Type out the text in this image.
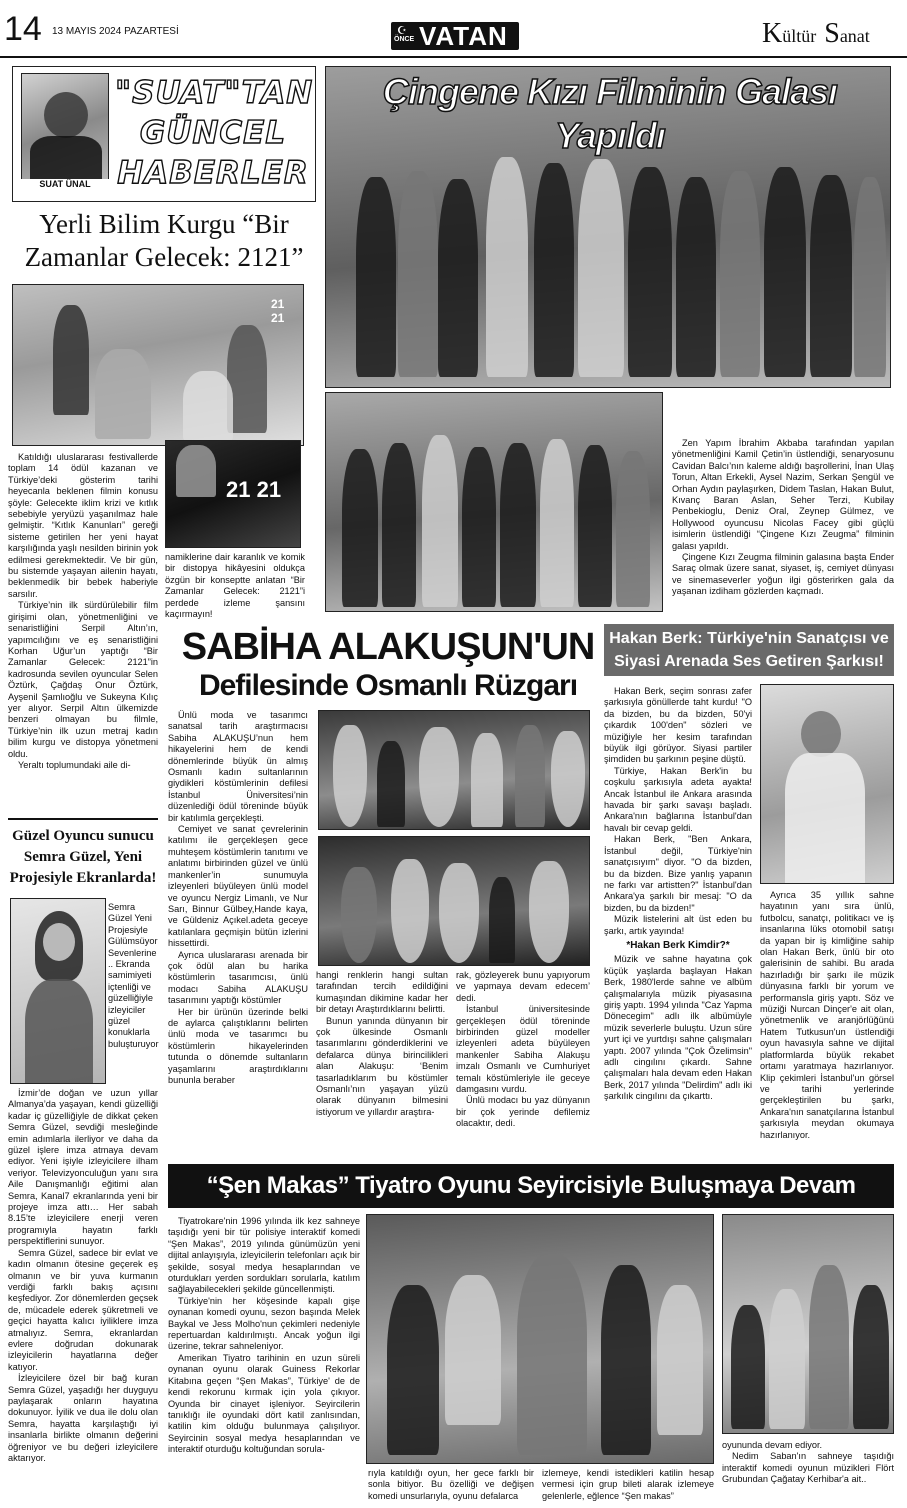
14 13 MAYIS 2024 PAZARTESİ
ÖNCE
☪ VATAN	Kültür Sanat
SUAT ÜNAL
"SUAT"TAN
GÜNCEL
HABERLER
Yerli Bilim Kurgu “Bir Zamanlar Gelecek: 2121”
21
21
21 21

Katıldığı uluslararası festivallerde toplam 14 ödül kazanan ve Türkiye’deki gösterim tarihi heyecanla beklenen filmin konusu şöyle: Gelecekte iklim krizi ve kıtlık sebebiyle yeryüzü yaşanılmaz hale gelmiştir. “Kıtlık Kanunları” gereği sisteme getirilen her yeni hayat karşılığında yaşlı nesilden birinin yok edilmesi gerekmektedir. Ve bir gün, bu sistemde yaşayan ailenin hayatı, beklenmedik bir bebek haberiyle sarsılır.

Türkiye’nin ilk sürdürülebilir film girişimi olan, yönetmenliğini ve senaristliğini Serpil Altın’ın, yapımcılığını ve eş senaristliğini Korhan Uğur’un yaptığı “Bir Zamanlar Gelecek: 2121”in kadrosunda sevilen oyuncular Selen Öztürk, Çağdaş Onur Öztürk, Ayşenil Şamlıoğlu ve Sukeyna Kılıç yer alıyor. Serpil Altın ülkemizde benzeri olmayan bu filmle, Türkiye’nin ilk uzun metraj kadın bilim kurgu ve distopya yönetmeni oldu.

Yeraltı toplumundaki aile di-

namiklerine dair karanlık ve komik bir distopya hikâyesini oldukça özgün bir konseptte anlatan “Bir Zamanlar Gelecek: 2121”i perdede izleme şansını kaçırmayın!

Çingene Kızı Filminin Galası Yapıldı

Zen Yapım İbrahim Akbaba tarafından yapılan yönetmenliğini Kamil Çetin’in üstlendiği, senaryosunu Cavidan Balcı’nın kaleme aldığı başrollerini, İnan Ulaş Torun, Altan Erkekli, Aysel Nazim, Serkan Şengül ve Orhan Aydın paylaşırken, Didem Taslan, Hakan Bulut, Kıvanç Baran Aslan, Seher Terzi, Kubilay Penbekioglu, Deniz Oral, Zeynep Gülmez, ve Hollywood oyuncusu Nicolas Facey gibi güçlü isimlerin üstlendiği “Çingene Kızı Zeugma” filminin galası yapıldı.

Çingene Kızı Zeugma filminin galasına başta Ender Saraç olmak üzere sanat, siyaset, iş, cemiyet dünyası ve sinemaseverler yoğun ilgi gösterirken gala da yaşanan izdiham gözlerden kaçmadı.

Güzel Oyuncu sunucu Semra Güzel, Yeni Projesiyle Ekranlarda!
Semra Güzel Yeni Projesiyle Gülümsüyor Sevenlerine .. Ekranda samimiyeti içtenliği ve güzelliğiyle izleyiciler güzel konuklarla buluşturuyor

İzmir’de doğan ve uzun yıllar Almanya’da yaşayan, kendi güzelliği kadar iç güzelliğiyle de dikkat çeken Semra Güzel, sevdiği mesleğinde emin adımlarla ilerliyor ve daha da güzel işlere imza atmaya devam ediyor. Yeni işiyle izleyicilere ilham veriyor. Televizyonculuğun yanı sıra Aile Danışmanlığı eğitimi alan Semra, Kanal7 ekranlarında yeni bir projeye imza attı… Her sabah 8.15’te izleyicilere enerji veren programıyla hayatın farklı perspektiflerini sunuyor.

Semra Güzel, sadece bir evlat ve kadın olmanın ötesine geçerek eş olmanın ve bir yuva kurmanın verdiği farklı bakış açısını keşfediyor. Zor dönemlerden geçsek de, mücadele ederek şükretmeli ve geçici hayatta kalıcı iyiliklere imza atmalıyız. Semra, ekranlardan evlere doğrudan dokunarak izleyicilerin hayatlarına değer katıyor.

İzleyicilere özel bir bağ kuran Semra Güzel, yaşadığı her duyguyu paylaşarak onların hayatına dokunuyor. İyilik ve dua ile dolu olan Semra, hayatta karşılaştığı iyi insanlarla birlikte olmanın değerini öğreniyor ve bu değeri izleyicilere aktarıyor.

SABİHA ALAKUŞUN'UN
Defilesinde Osmanlı Rüzgarı

Ünlü moda ve tasarımcı sanatsal tarih araştırmacısı Sabiha ALAKUŞU’nun hem hikayelerini hem de kendi dönemlerinde büyük ün almış Osmanlı kadın sultanlarının giydikleri köstümlerinin defilesi İstanbul Üniversitesi’nin düzenlediği ödül töreninde büyük bir katılımla gerçekleşti.

Cemiyet ve sanat çevrelerinin katılımı ile gerçekleşen gece muhteşem köstümlerin tanıtımı ve anlatımı birbirinden güzel ve ünlü mankenler’in sunumuyla izleyenleri büyüleyen ünlü model ve oyuncu Nergiz Limanlı, ve Nur Sarı, Binnur Gülbey,Hande kaya, ve Güldeniz Açıkel.adeta geceye katılanlara geçmişin bütün izlerini hissettirdi.

Ayrıca uluslararası arenada bir çok ödül alan bu harika köstümlerin tasarımcısı, ünlü modacı Sabiha ALAKUŞU tasarımını yaptığı köstümler

Her bir ürünün üzerinde belki de aylarca çalıştıklarını belirten ünlü moda ve tasarımcı bu köstümlerin hikayelerinden tutunda o dönemde sultanların yaşamlarını araştırdıklarını bununla beraber

hangi renklerin hangi sultan tarafından tercih edildiğini kumaşından dikimine kadar her bir detayı Araştırdıklarını belirtti.

Bunun yanında dünyanın bir çok ülkesinde Osmanlı tasarımlarını gönderdiklerini ve defalarca dünya birincilikleri alan Alakuşu: ‘Benim tasarladıklarım bu köstümler Osmanlı’nın yaşayan yüzü olarak dünyanın bilmesini istiyorum ve yıllardır araştıra-

rak, gözleyerek bunu yapıyorum ve yapmaya devam edecem’ dedi.

İstanbul üniversitesinde gerçekleşen ödül töreninde birbirinden güzel modeller izleyenleri adeta büyüleyen mankenler Sabiha Alakuşu imzalı Osmanlı ve Cumhuriyet temalı köstümleriyle ile geceye damgasını vurdu.

Ünlü modacı bu yaz dünyanın bir çok yerinde defilemiz olacaktır, dedi.

Hakan Berk: Türkiye'nin Sanatçısı ve Siyasi Arenada Ses Getiren Şarkısı!

Hakan Berk, seçim sonrası zafer şarkısıyla gönüllerde taht kurdu! "O da bizden, bu da bizden, 50'yi çıkardık 100'den" sözleri ve müziğiyle her kesim tarafından büyük ilgi görüyor. Siyasi partiler şimdiden bu şarkının peşine düştü.

Türkiye, Hakan Berk'in bu coşkulu şarkısıyla adeta ayakta! Ancak İstanbul ile Ankara arasında havada bir şarkı savaşı başladı. Ankara'nın bağlarına İstanbul'dan havalı bir cevap geldi.

Hakan Berk, "Ben Ankara, İstanbul değil, Türkiye'nin sanatçısıyım" diyor. "O da bizden, bu da bizden. Bize yanlış yapanın ne farkı var artistten?" İstanbul'dan Ankara'ya şarkılı bir mesaj: "O da bizden, bu da bizden!"

Müzik listelerini alt üst eden bu şarkı, artık yayında!

*Hakan Berk Kimdir?*

Müzik ve sahne hayatına çok küçük yaşlarda başlayan Hakan Berk, 1980'lerde sahne ve albüm çalışmalarıyla müzik piyasasına giriş yaptı. 1994 yılında "Caz Yapma Dönecegim" adlı ilk albümüyle müzik severlerle buluştu. Uzun süre yurt içi ve yurtdışı sahne çalışmaları yaptı. 2007 yılında "Çok Özelimsin" adlı cingılını çıkardı. Sahne çalışmaları hala devam eden Hakan Berk, 2017 yılında "Delirdim" adlı iki şarkılık cingılını da çıkarttı.

Ayrıca 35 yıllık sahne hayatının yanı sıra ünlü, futbolcu, sanatçı, politikacı ve iş insanlarına lüks otomobil satışı da yapan bir iş kimliğine sahip olan Hakan Berk, ünlü bir oto galerisinin de sahibi. Bu arada hazırladığı bir şarkı ile müzik dünyasına farklı bir yorum ve performansla giriş yaptı. Söz ve müziği Nurcan Dinçer'e ait olan, yönetmenlik ve aranjörlüğünü Hatem Tutkusun'un üstlendiği oyun havasıyla sahne ve dijital platformlarda büyük rekabet ortamı yaratmaya hazırlanıyor. Klip çekimleri İstanbul'un görsel ve tarihi yerlerinde gerçekleştirilen bu şarkı, Ankara'nın sanatçılarına İstanbul şarkısıyla meydan okumaya hazırlanıyor.

“Şen Makas” Tiyatro Oyunu Seyircisiyle Buluşmaya Devam

Tiyatrokare'nin 1996 yılında ilk kez sahneye taşıdığı yeni bir tür polisiye interaktif komedi “Şen Makas”, 2019 yılında günümüzün yeni dijital anlayışıyla, izleyicilerin telefonları açık bir şekilde, sosyal medya hesaplarından ve oturdukları yerden sordukları sorularla, katılım sağlayabilecekleri şekilde güncellenmişti.

Türkiye'nin her köşesinde kapalı gişe oynanan komedi oyunu, sezon başında Melek Baykal ve Jess Molho'nun çekimleri nedeniyle repertuardan kaldırılmıştı. Ancak yoğun ilgi üzerine, tekrar sahneleniyor.

Amerikan Tiyatro tarihinin en uzun süreli oynanan oyunu olarak Guiness Rekorlar Kitabına geçen “Şen Makas”, Türkiye' de de kendi rekorunu kırmak için yola çıkıyor. Oyunda bir cinayet işleniyor. Seyircilerin tanıklığı ile oyundaki dört katil zanlısından, katilin kim olduğu bulunmaya çalışılıyor. Seyircinin sosyal medya hesaplarından ve interaktif oturduğu koltuğundan sorula-

rıyla katıldığı oyun, her gece farklı bir sonla bitiyor. Bu özelliği ve değişen komedi unsurlarıyla, oyunu defalarca

izlemeye, kendi istedikleri katilin hesap vermesi için grup bileti alarak izlemeye gelenlerle, eğlence “Şen makas”

oyununda devam ediyor.

Nedim Saban'ın sahneye taşıdığı interaktif komedi oyunun müzikleri Flört Grubundan Çağatay Kerhibar'a ait..
